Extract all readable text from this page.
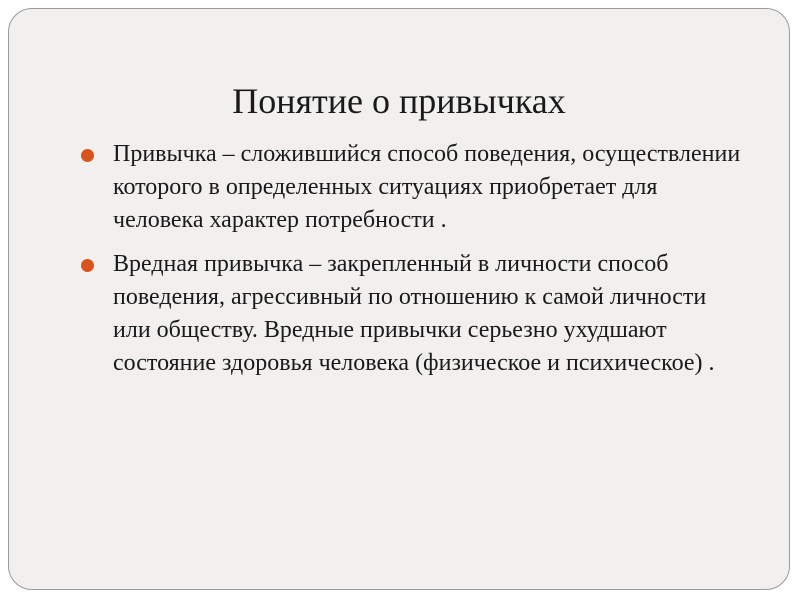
Понятие о привычках
Привычка – сложившийся способ поведения, осуществлении которого в определенных ситуациях приобретает для человека характер потребности .
Вредная привычка – закрепленный в личности способ поведения, агрессивный по отношению к самой личности или обществу. Вредные привычки серьезно ухудшают состояние здоровья человека (физическое и психическое) .
